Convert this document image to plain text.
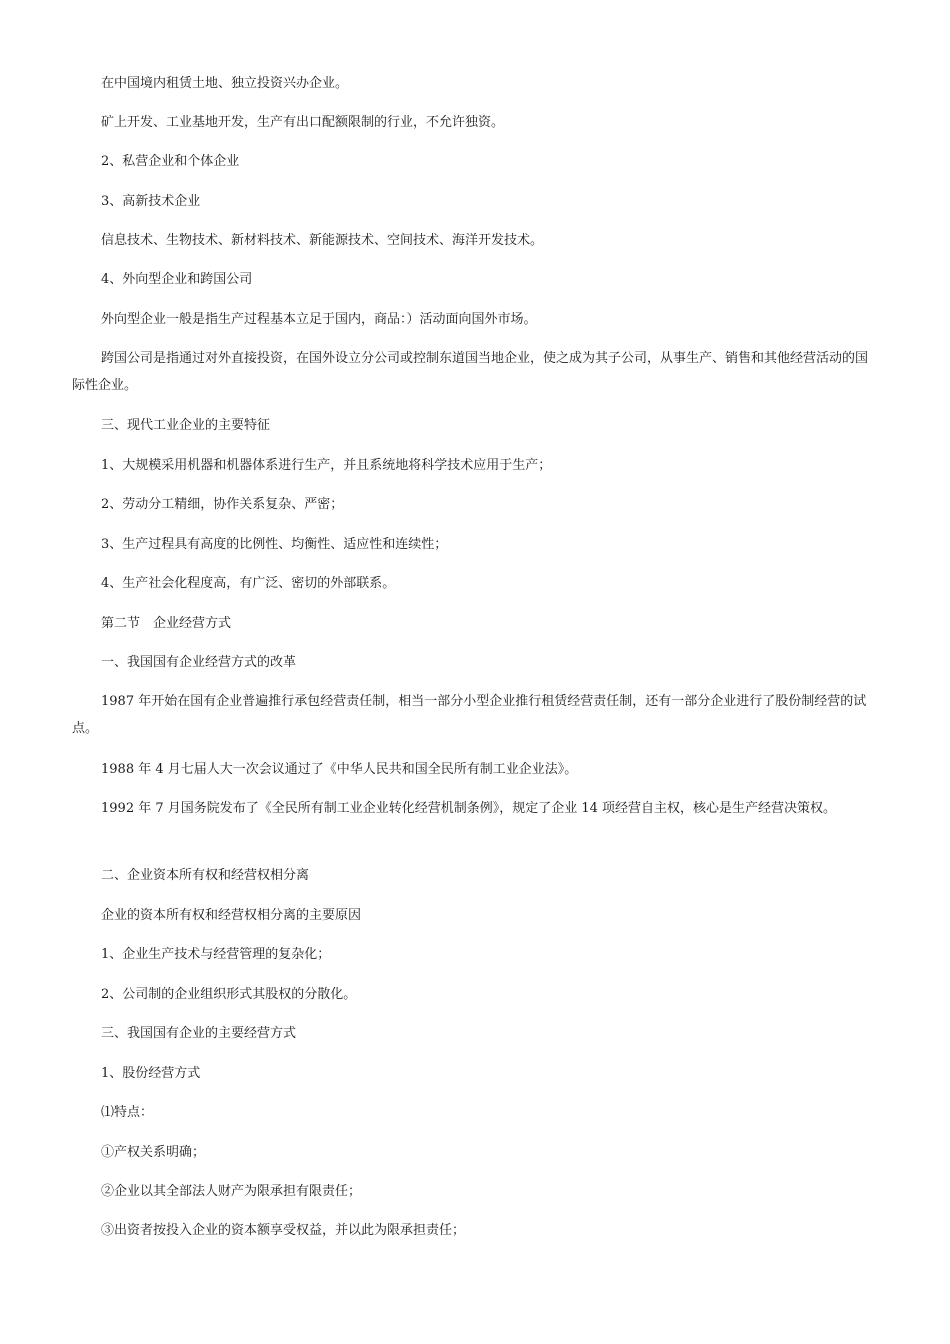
在中国境内租赁土地、独立投资兴办企业。

矿上开发、工业基地开发，生产有出口配额限制的行业，不允许独资。

2、私营企业和个体企业

3、高新技术企业

信息技术、生物技术、新材料技术、新能源技术、空间技术、海洋开发技术。

4、外向型企业和跨国公司

外向型企业一般是指生产过程基本立足于国内，商品：）活动面向国外市场。

跨国公司是指通过对外直接投资，在国外设立分公司或控制东道国当地企业，使之成为其子公司，从事生产、销售和其他经营活动的国际性企业。

三、现代工业企业的主要特征

1、大规模采用机器和机器体系进行生产，并且系统地将科学技术应用于生产；

2、劳动分工精细，协作关系复杂、严密；

3、生产过程具有高度的比例性、均衡性、适应性和连续性；

4、生产社会化程度高，有广泛、密切的外部联系。

第二节　企业经营方式

一、我国国有企业经营方式的改革

1987 年开始在国有企业普遍推行承包经营责任制，相当一部分小型企业推行租赁经营责任制，还有一部分企业进行了股份制经营的试点。

1988 年 4 月七届人大一次会议通过了《中华人民共和国全民所有制工业企业法》。

1992 年 7 月国务院发布了《全民所有制工业企业转化经营机制条例》，规定了企业 14 项经营自主权，核心是生产经营决策权。

二、企业资本所有权和经营权相分离

企业的资本所有权和经营权相分离的主要原因

1、企业生产技术与经营管理的复杂化；

2、公司制的企业组织形式其股权的分散化。

三、我国国有企业的主要经营方式

1、股份经营方式

⑴特点：

①产权关系明确；

②企业以其全部法人财产为限承担有限责任；

③出资者按投入企业的资本额享受权益，并以此为限承担责任；
